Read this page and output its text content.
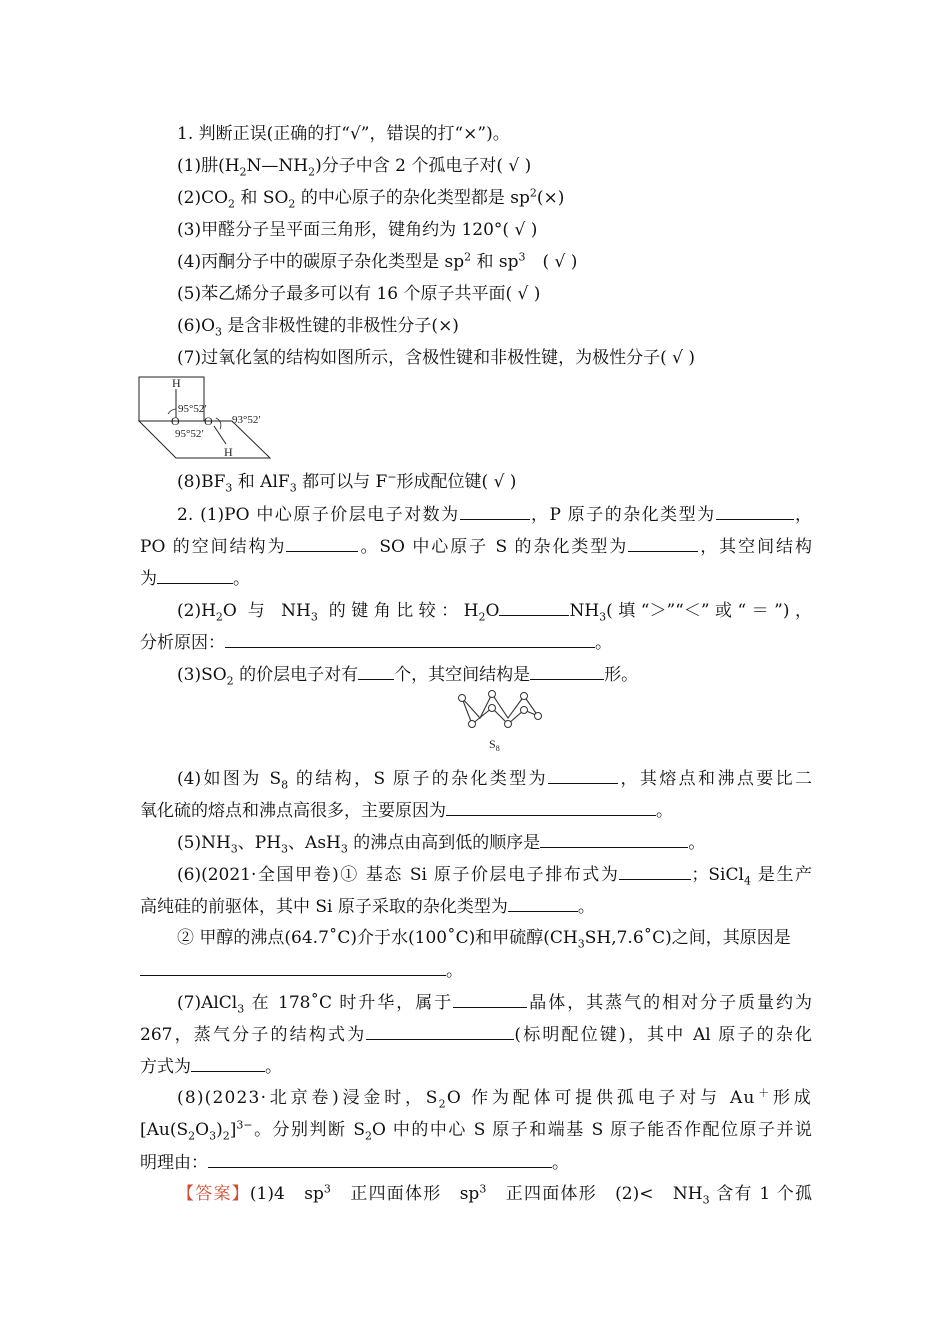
1. 判断正误(正确的打“√”，错误的打“×”)。
(1)肼$(H_2N—NH_2)$分子中含 2 个孤电子对( √ )
$(2)CO_2$ 和 $SO_2$ 的中心原子的杂化类型都是 $sp^2(\times)$
(3)甲醛分子呈平面三角形，键角约为 120°( √ )
(4)丙酮分子中的碳原子杂化类型是 $sp^2$ 和 $sp^3$　( √ )
(5)苯乙烯分子最多可以有 16 个原子共平面( √ )
$(6)O_3$ 是含非极性键的非极性分子(×)
(7)过氧化氢的结构如图所示，含极性键和非极性键，为极性分子( √ )
H
O O
95°52′
93°52′
95°52′
H
$(8)BF_3$ 和 AlF$_3$ 都可以与 F−形成配位键( √ )
2. (1)PO 中心原子价层电子对数为	，P 原子的杂化类型为	，
PO 的空间结构为	。SO 中心原子 S 的杂化类型为	，其空间结构
为	。
$(2)H_2O$ 与 $NH_3$ 的键角比较：$H_2O$	$NH_3$(填“＞”“＜”或“＝”)，
分析原因：	。
$(3)SO_2$ 的价层电子对有 个，其空间结构是	形。
$S_8$
(4)如图为 $S_8$ 的结构，S 原子的杂化类型为	，其熔点和沸点要比二
氧化硫的熔点和沸点高很多，主要原因为	。
$(5)NH_3$、$PH_3$、AsH$_3$ 的沸点由高到低的顺序是	。
(6)(2021·全国甲卷)① 基态 Si 原子价层电子排布式为	；SiCl$_4$ 是生产
高纯硅的前驱体，其中 Si 原子采取的杂化类型为	。
② 甲醇的沸点(64.7˚C)介于水(100˚C)和甲硫醇$(CH_3SH,7.6˚C)$之间，其原因是
。
(7)AlCl$_3$ 在 178˚C 时升华，属于	晶体，其蒸气的相对分子质量约为
267，蒸气分子的结构式为	(标明配位键)，其中 Al 原子的杂化
方式为	。
(8)(2023·北京卷)浸金时，$S_2O$ 作为配体可提供孤电子对与 Au＋形成
$[Au(S_2O_3)_2]^{3-}$。分别判断 $S_2O$ 中的中心 S 原子和端基 S 原子能否作配位原子并说
明理由：	。
【答案】(1)4　$sp^3$　正四面体形　$sp^3$　正四面体形　(2)<　$NH_3$ 含有 1 个孤
